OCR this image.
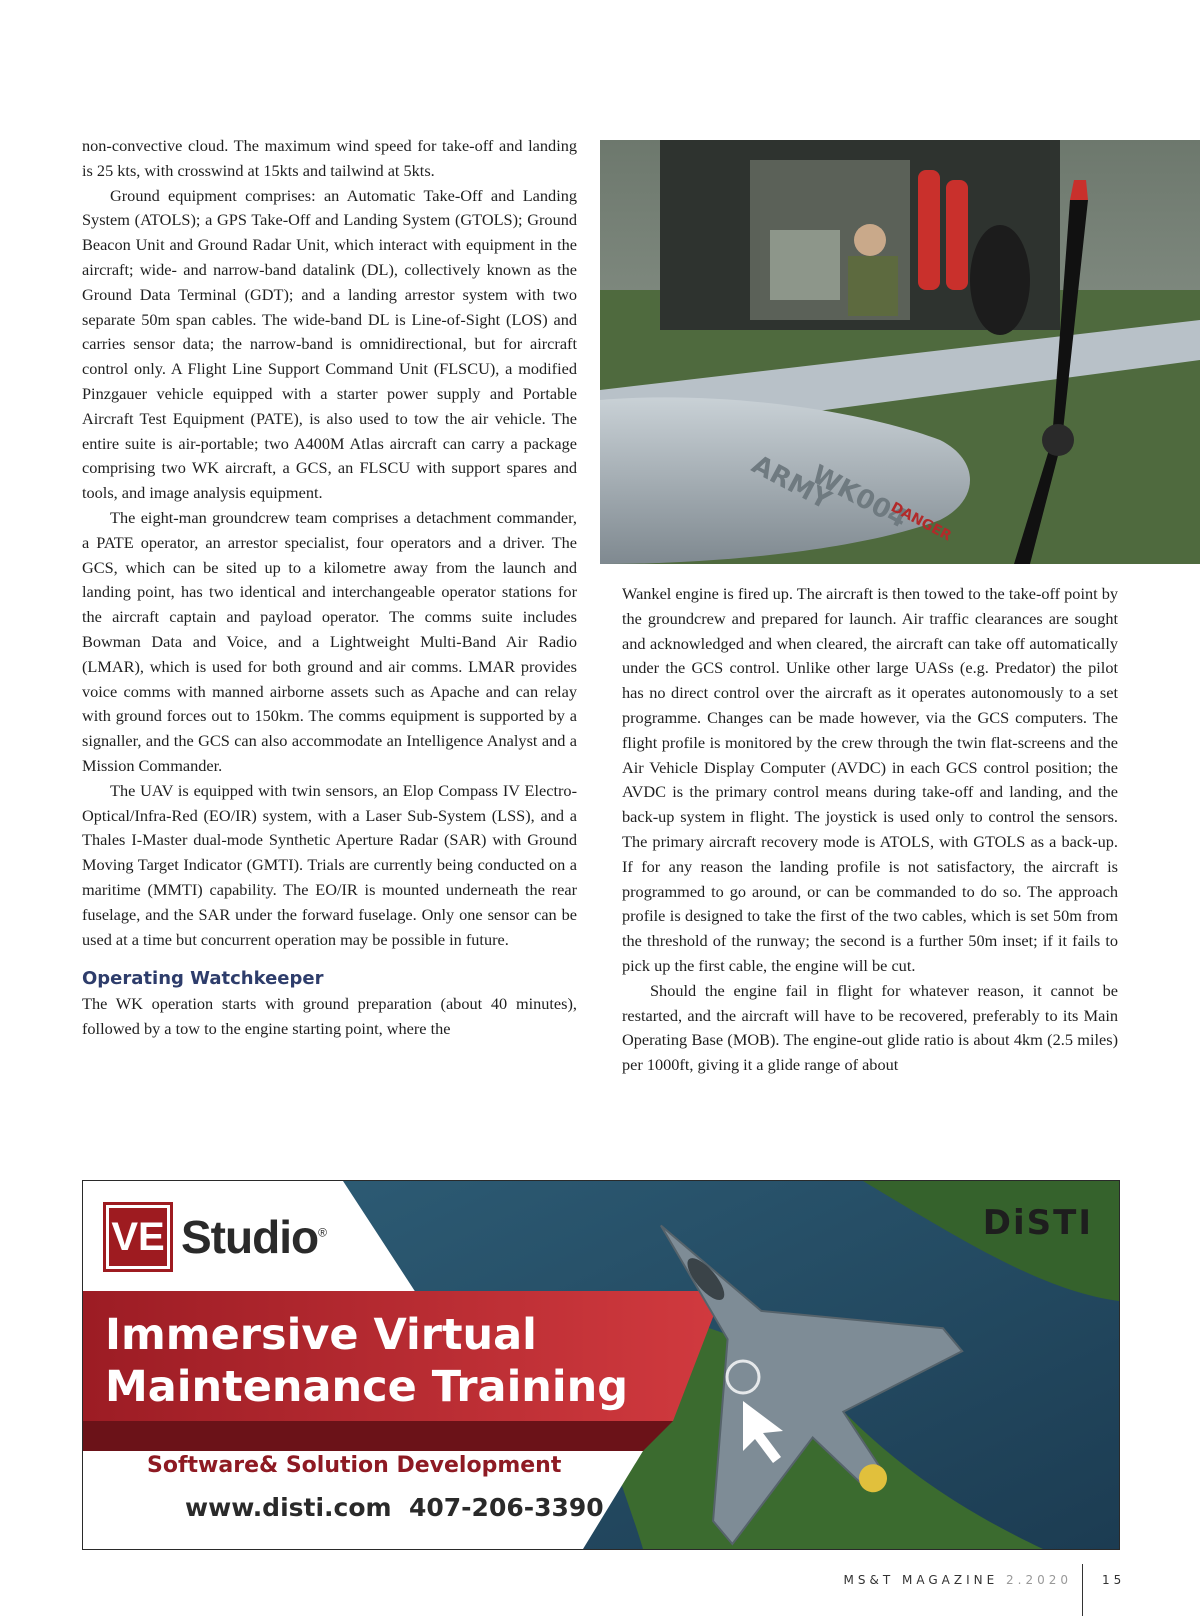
non-convective cloud. The maximum wind speed for take-off and landing is 25 kts, with crosswind at 15kts and tailwind at 5kts.

Ground equipment comprises: an Automatic Take-Off and Landing System (ATOLS); a GPS Take-Off and Landing System (GTOLS); Ground Beacon Unit and Ground Radar Unit, which interact with equipment in the aircraft; wide- and narrow-band datalink (DL), collectively known as the Ground Data Terminal (GDT); and a landing arrestor system with two separate 50m span cables. The wide-band DL is Line-of-Sight (LOS) and carries sensor data; the narrow-band is omnidirectional, but for aircraft control only. A Flight Line Support Command Unit (FLSCU), a modified Pinzgauer vehicle equipped with a starter power supply and Portable Aircraft Test Equipment (PATE), is also used to tow the air vehicle. The entire suite is air-portable; two A400M Atlas aircraft can carry a package comprising two WK aircraft, a GCS, an FLSCU with support spares and tools, and image analysis equipment.

The eight-man groundcrew team comprises a detachment commander, a PATE operator, an arrestor specialist, four operators and a driver. The GCS, which can be sited up to a kilometre away from the launch and landing point, has two identical and interchangeable operator stations for the aircraft captain and payload operator. The comms suite includes Bowman Data and Voice, and a Lightweight Multi-Band Air Radio (LMAR), which is used for both ground and air comms. LMAR provides voice comms with manned airborne assets such as Apache and can relay with ground forces out to 150km. The comms equipment is supported by a signaller, and the GCS can also accommodate an Intelligence Analyst and a Mission Commander.

The UAV is equipped with twin sensors, an Elop Compass IV Electro-Optical/Infra-Red (EO/IR) system, with a Laser Sub-System (LSS), and a Thales I-Master dual-mode Synthetic Aperture Radar (SAR) with Ground Moving Target Indicator (GMTI). Trials are currently being conducted on a maritime (MMTI) capability. The EO/IR is mounted underneath the rear fuselage, and the SAR under the forward fuselage. Only one sensor can be used at a time but concurrent operation may be possible in future.

Operating Watchkeeper

The WK operation starts with ground preparation (about 40 minutes), followed by a tow to the engine starting point, where the

ARMY
WK004
DANGER

Wankel engine is fired up. The aircraft is then towed to the take-off point by the groundcrew and prepared for launch. Air traffic clearances are sought and acknowledged and when cleared, the aircraft can take off automatically under the GCS control. Unlike other large UASs (e.g. Predator) the pilot has no direct control over the aircraft as it operates autonomously to a set programme. Changes can be made however, via the GCS computers. The flight profile is monitored by the crew through the twin flat-screens and the Air Vehicle Display Computer (AVDC) in each GCS control position; the AVDC is the primary control means during take-off and landing, and the back-up system in flight. The joystick is used only to control the sensors. The primary aircraft recovery mode is ATOLS, with GTOLS as a back-up. If for any reason the landing profile is not satisfactory, the aircraft is programmed to go around, or can be commanded to do so. The approach profile is designed to take the first of the two cables, which is set 50m from the threshold of the runway; the second is a further 50m inset; if it fails to pick up the first cable, the engine will be cut.

Should the engine fail in flight for whatever reason, it cannot be restarted, and the aircraft will have to be recovered, preferably to its Main Operating Base (MOB). The engine-out glide ratio is about 4km (2.5 miles) per 1000ft, giving it a glide range of about

VE Studio®	DiSTI
Immersive Virtual
Maintenance Training
Software& Solution Development
www.disti.com  407-206-3390
MS&T MAGAZINE 2.2020	15
